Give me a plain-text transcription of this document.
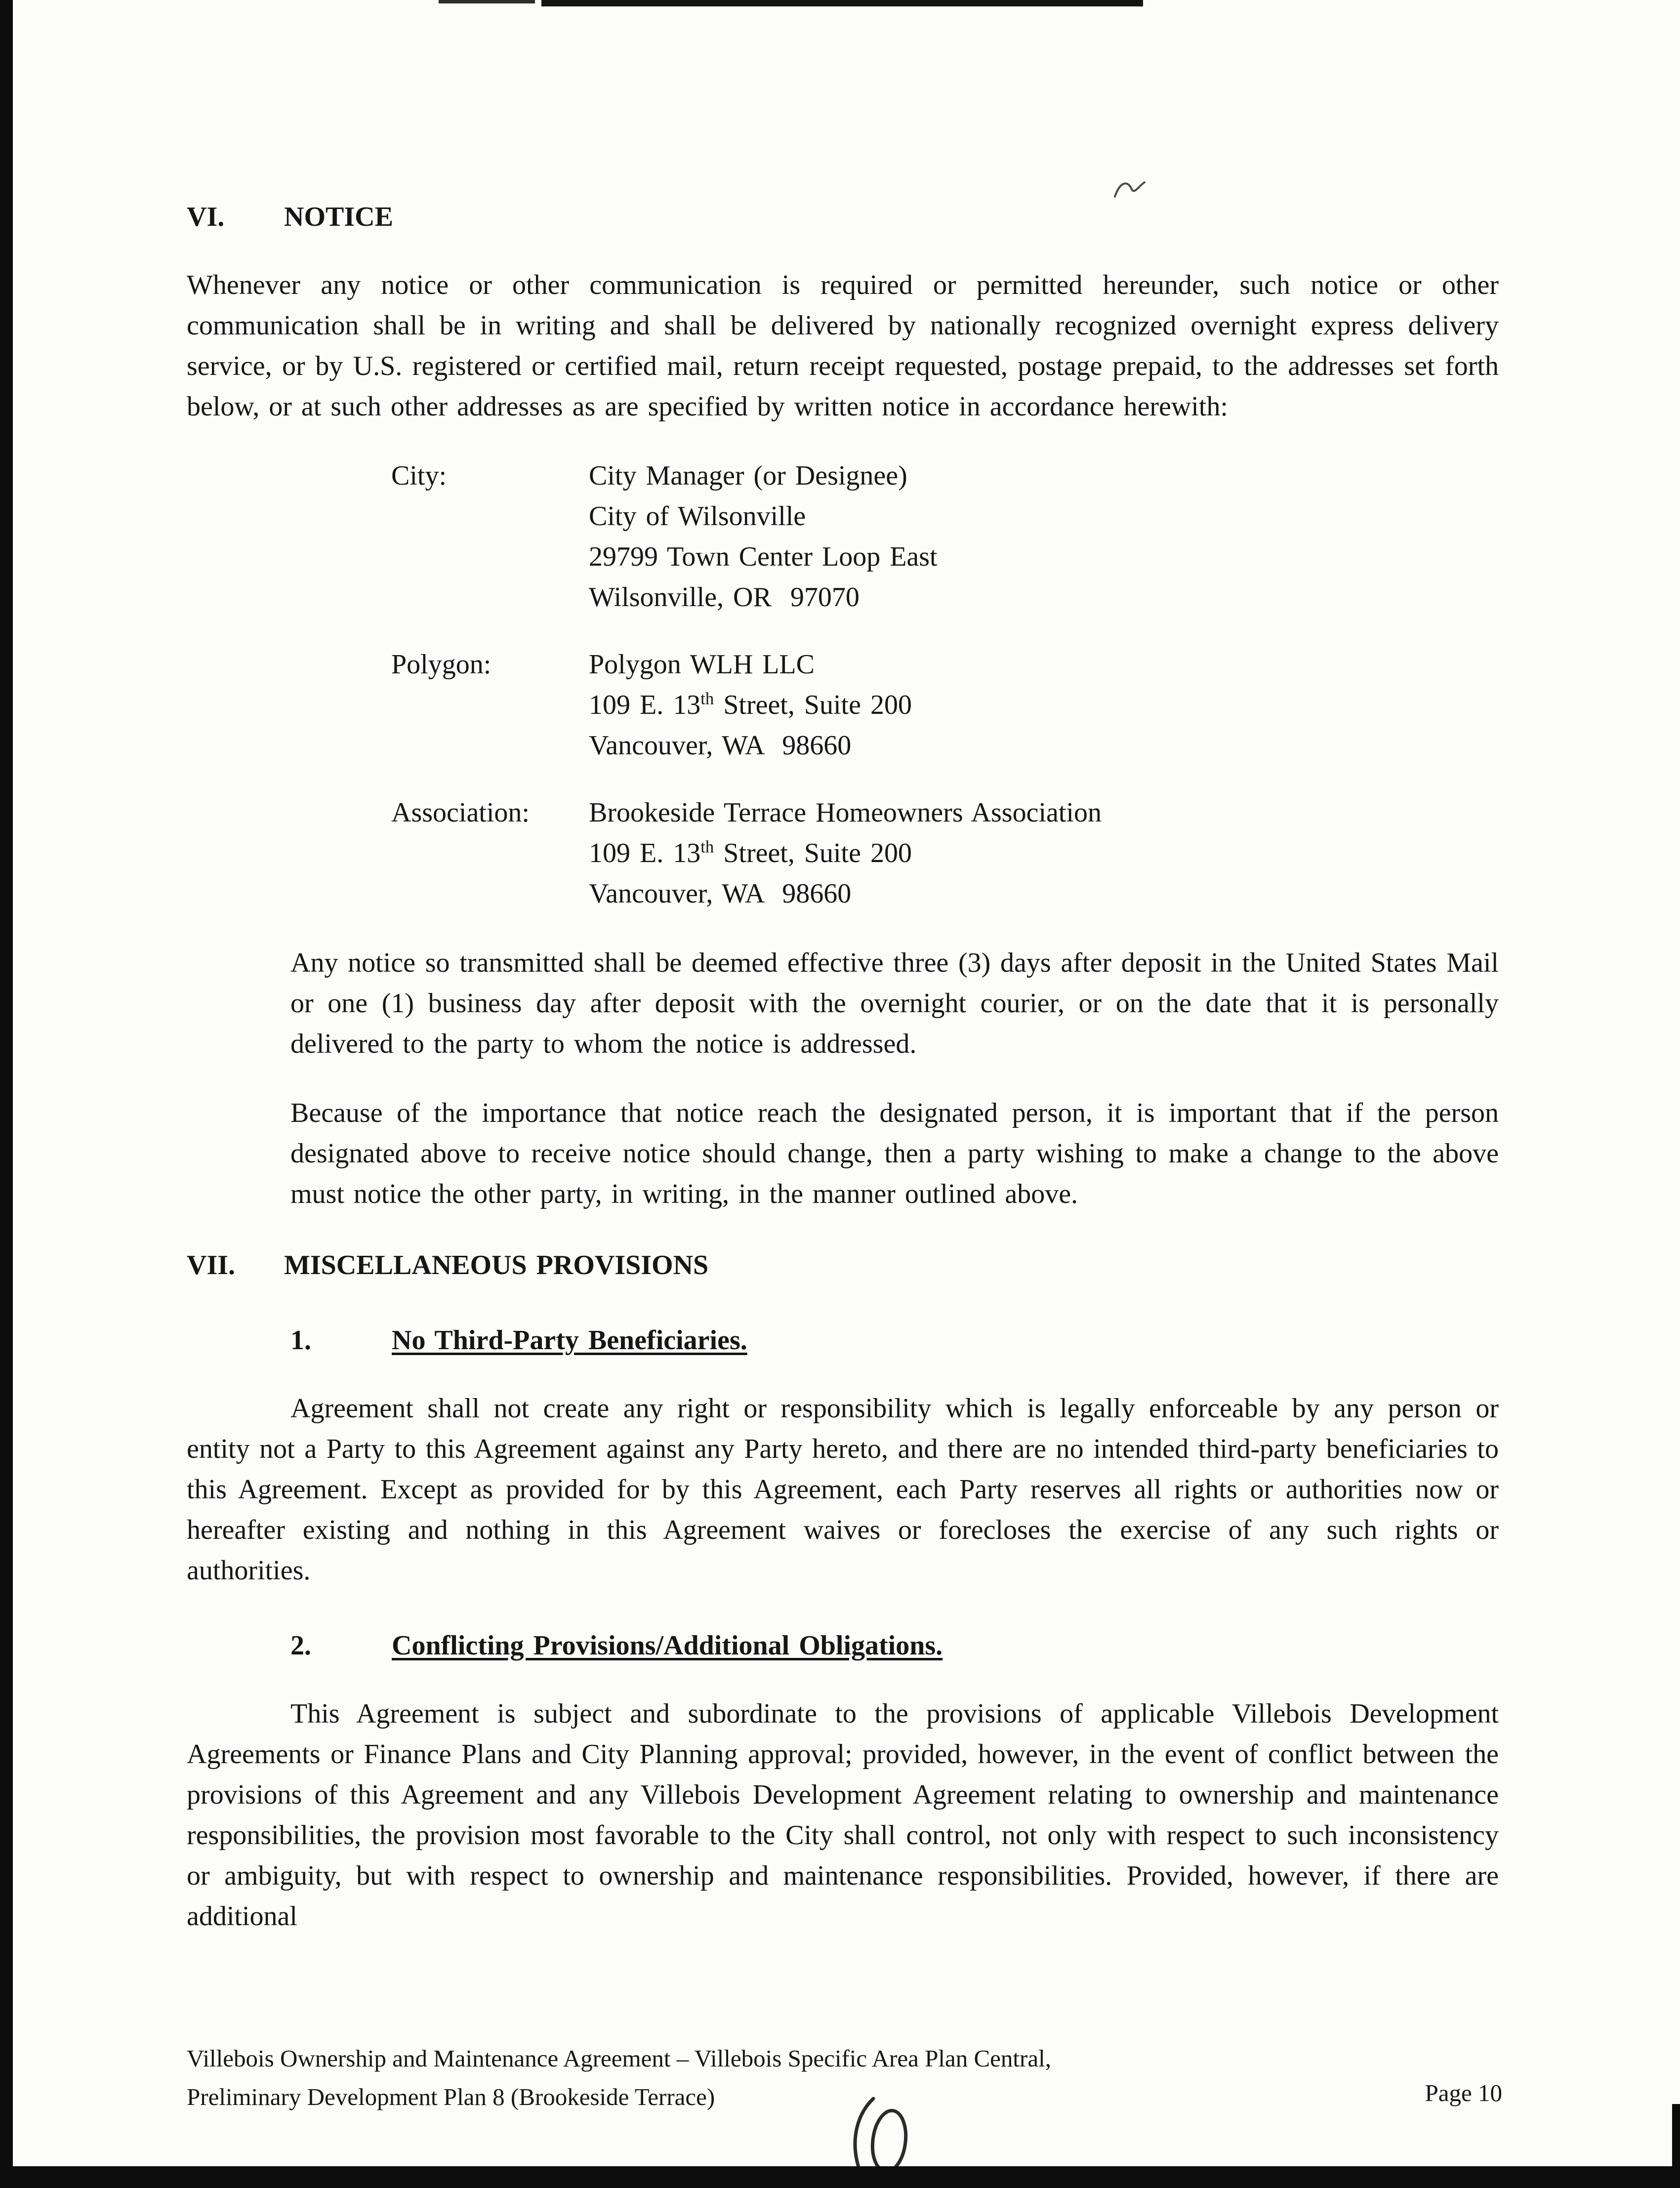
VI.	NOTICE

Whenever any notice or other communication is required or permitted hereunder, such notice or other communication shall be in writing and shall be delivered by nationally recognized overnight express delivery service, or by U.S. registered or certified mail, return receipt requested, postage prepaid, to the addresses set forth below, or at such other addresses as are specified by written notice in accordance herewith:

City:	City Manager (or Designee)
City of Wilsonville
29799 Town Center Loop East
Wilsonville, OR  97070
Polygon:	Polygon WLH LLC
109 E. 13th Street, Suite 200
Vancouver, WA  98660
Association:	Brookeside Terrace Homeowners Association
109 E. 13th Street, Suite 200
Vancouver, WA  98660

Any notice so transmitted shall be deemed effective three (3) days after deposit in the United States Mail or one (1) business day after deposit with the overnight courier, or on the date that it is personally delivered to the party to whom the notice is addressed.

Because of the importance that notice reach the designated person, it is important that if the person designated above to receive notice should change, then a party wishing to make a change to the above must notice the other party, in writing, in the manner outlined above.

VII.	MISCELLANEOUS PROVISIONS
1.	No Third-Party Beneficiaries.

Agreement shall not create any right or responsibility which is legally enforceable by any person or entity not a Party to this Agreement against any Party hereto, and there are no intended third-party beneficiaries to this Agreement. Except as provided for by this Agreement, each Party reserves all rights or authorities now or hereafter existing and nothing in this Agreement waives or forecloses the exercise of any such rights or authorities.

2.	Conflicting Provisions/Additional Obligations.

This Agreement is subject and subordinate to the provisions of applicable Villebois Development Agreements or Finance Plans and City Planning approval; provided, however, in the event of conflict between the provisions of this Agreement and any Villebois Development Agreement relating to ownership and maintenance responsibilities, the provision most favorable to the City shall control, not only with respect to such inconsistency or ambiguity, but with respect to ownership and maintenance responsibilities. Provided, however, if there are additional

Villebois Ownership and Maintenance Agreement – Villebois Specific Area Plan Central,
Preliminary Development Plan 8 (Brookeside Terrace)	Page 10
